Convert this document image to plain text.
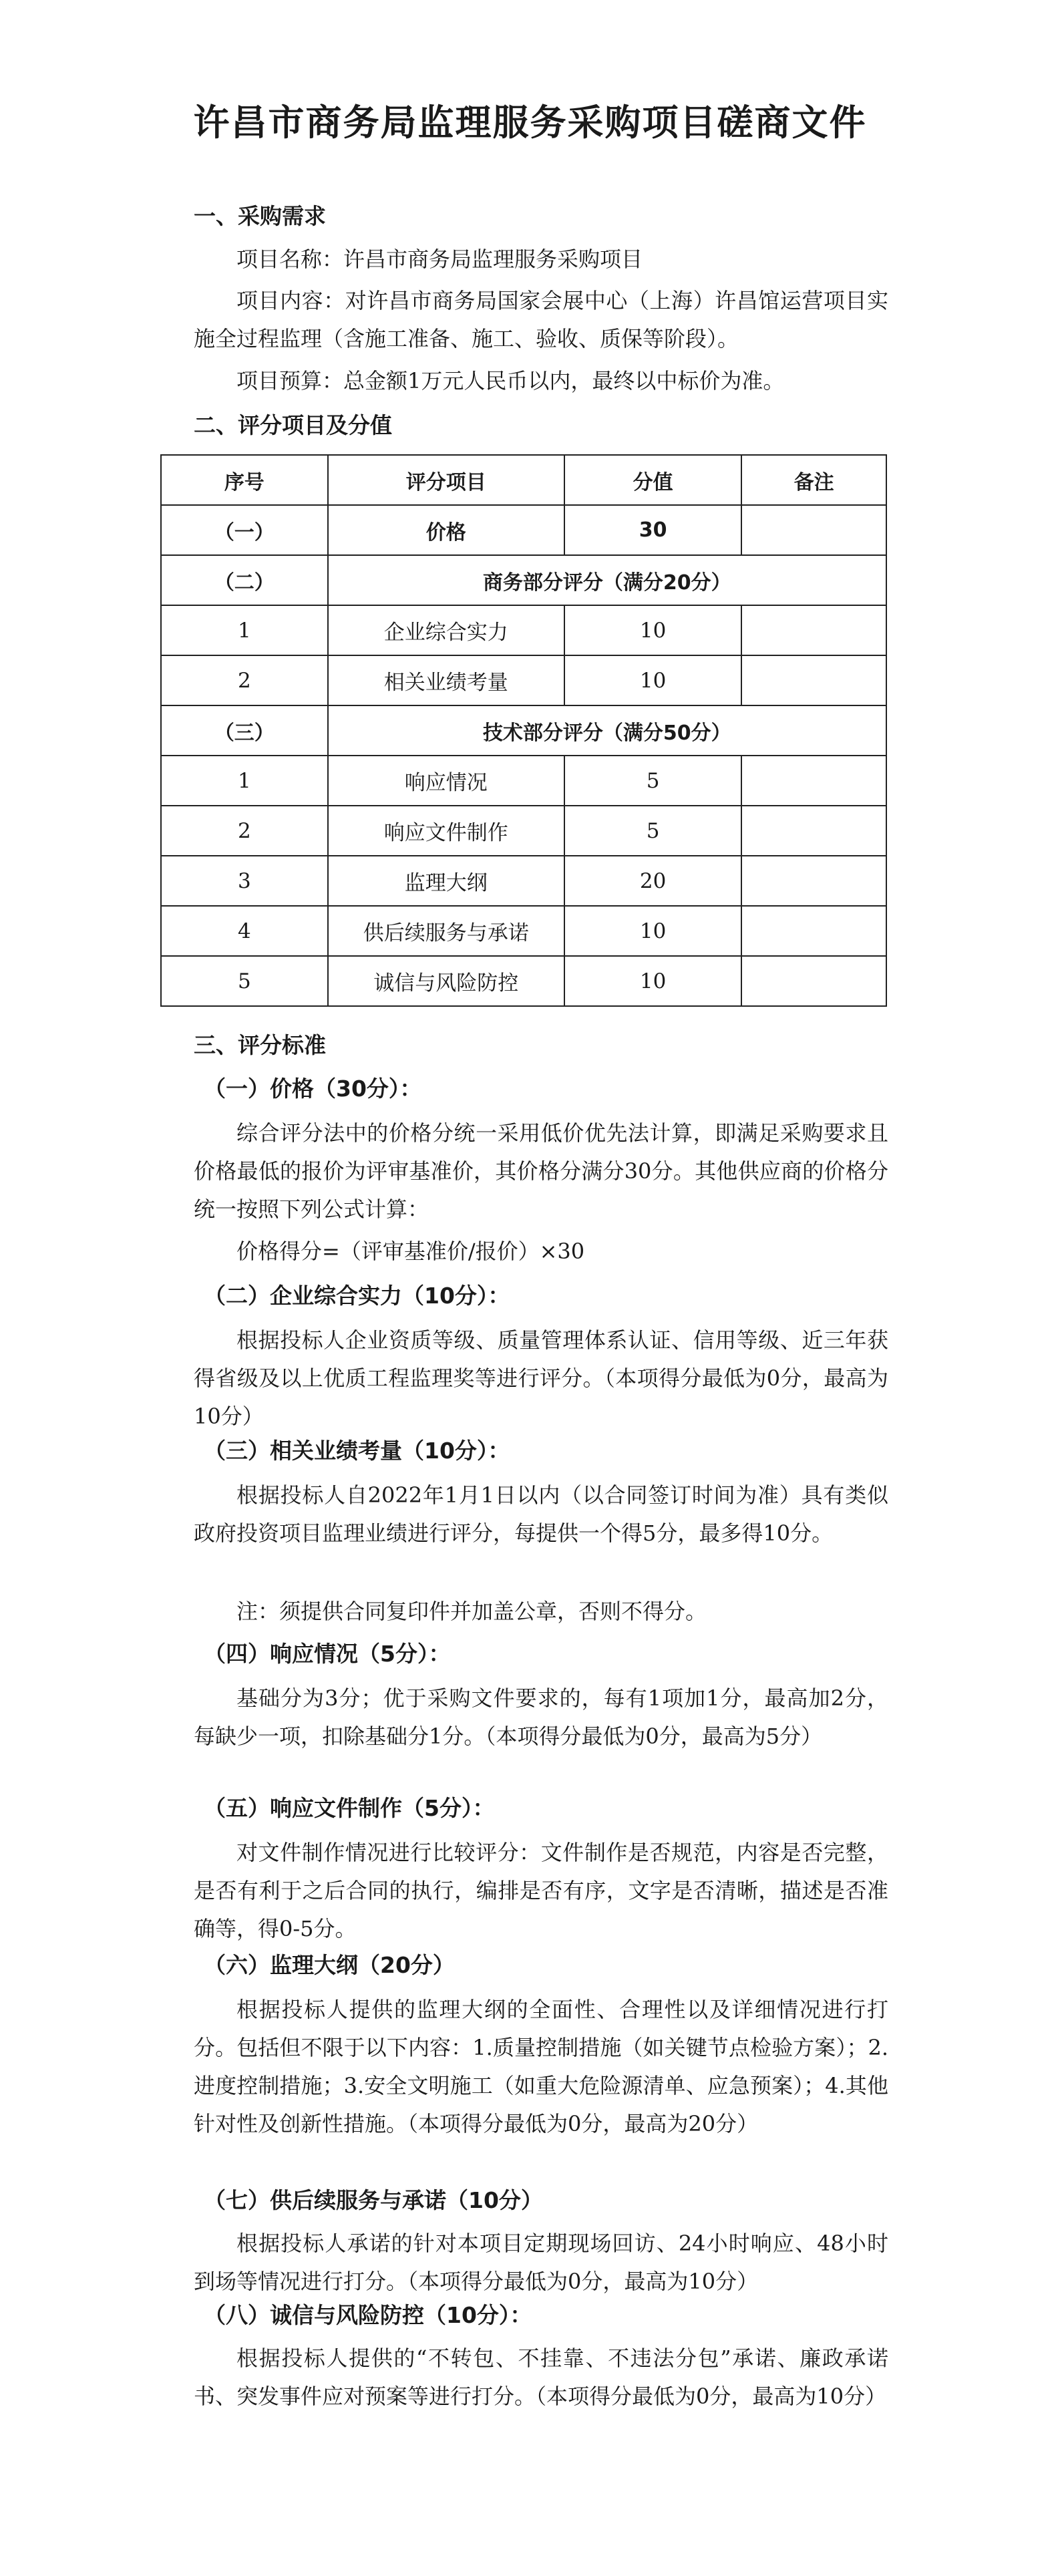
许昌市商务局监理服务采购项目磋商文件
一、采购需求
项目名称：许昌市商务局监理服务采购项目
项目内容：对许昌市商务局国家会展中心（上海）许昌馆运营项目实施全过程监理（含施工准备、施工、验收、质保等阶段）。
项目预算：总金额1万元人民币以内，最终以中标价为准。
二、评分项目及分值
序号	评分项目	分值	备注
（一）	价格	30	
（二）	商务部分评分（满分20分）		
1	企业综合实力	10	
2	相关业绩考量	10	
（三）	技术部分评分（满分50分）		
1	响应情况	5	
2	响应文件制作	5	
3	监理大纲	20	
4	供后续服务与承诺	10	
5	诚信与风险防控	10	
三、评分标准
（一）价格（30分）：
综合评分法中的价格分统一采用低价优先法计算，即满足采购要求且价格最低的报价为评审基准价，其价格分满分30分。其他供应商的价格分统一按照下列公式计算：
价格得分=（评审基准价/报价）×30
（二）企业综合实力（10分）：
根据投标人企业资质等级、质量管理体系认证、信用等级、近三年获得省级及以上优质工程监理奖等进行评分。（本项得分最低为0分，最高为10分）
（三）相关业绩考量（10分）：
根据投标人自2022年1月1日以内（以合同签订时间为准）具有类似政府投资项目监理业绩进行评分，每提供一个得5分，最多得10分。
注：须提供合同复印件并加盖公章，否则不得分。
（四）响应情况（5分）：
基础分为3分；优于采购文件要求的，每有1项加1分，最高加2分，每缺少一项，扣除基础分1分。（本项得分最低为0分，最高为5分）
（五）响应文件制作（5分）：
对文件制作情况进行比较评分：文件制作是否规范，内容是否完整，是否有利于之后合同的执行，编排是否有序，文字是否清晰，描述是否准确等，得0-5分。
（六）监理大纲（20分）
根据投标人提供的监理大纲的全面性、合理性以及详细情况进行打分。包括但不限于以下内容：1.质量控制措施（如关键节点检验方案）；2.进度控制措施；3.安全文明施工（如重大危险源清单、应急预案）；4.其他针对性及创新性措施。（本项得分最低为0分，最高为20分）
（七）供后续服务与承诺（10分）
根据投标人承诺的针对本项目定期现场回访、24小时响应、48小时到场等情况进行打分。（本项得分最低为0分，最高为10分）
（八）诚信与风险防控（10分）：
根据投标人提供的“不转包、不挂靠、不违法分包”承诺、廉政承诺书、突发事件应对预案等进行打分。（本项得分最低为0分，最高为10分）
